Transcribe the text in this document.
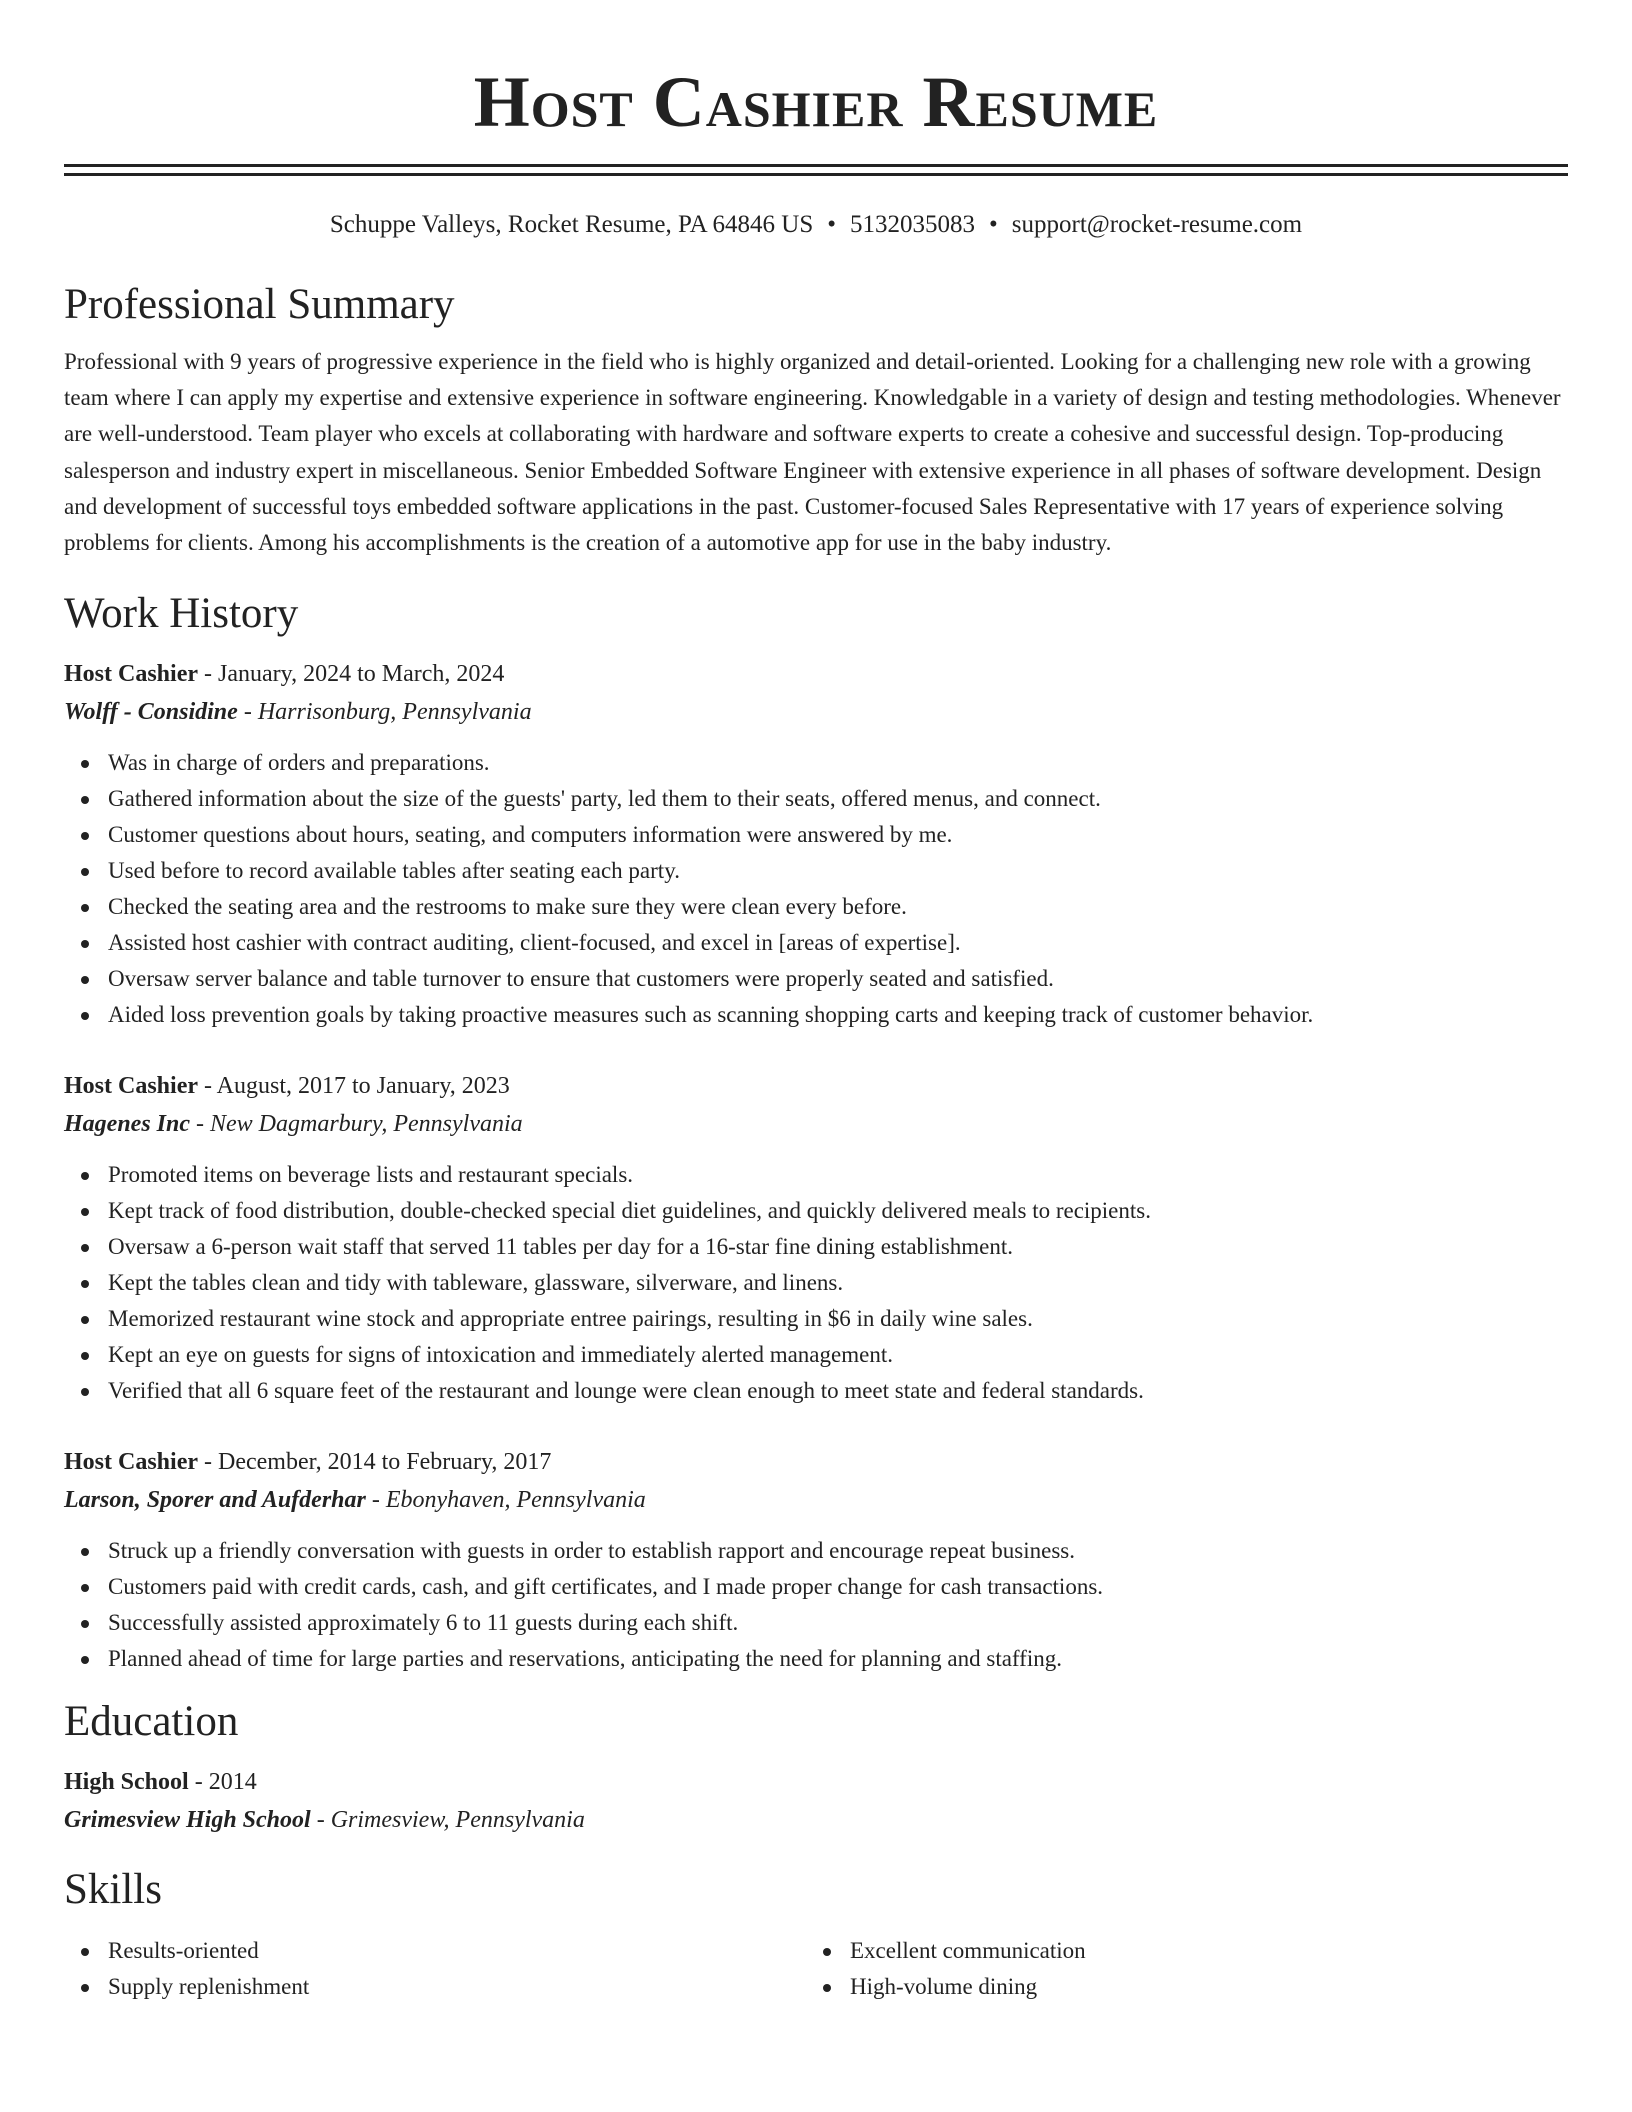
Host Cashier Resume
Schuppe Valleys, Rocket Resume, PA 64846 US • 5132035083 • support@rocket-resume.com
Professional Summary

Professional with 9 years of progressive experience in the field who is highly organized and detail-oriented. Looking for a challenging new role with a growing team where I can apply my expertise and extensive experience in software engineering. Knowledgable in a variety of design and testing methodologies. Whenever are well-understood. Team player who excels at collaborating with hardware and software experts to create a cohesive and successful design. Top-producing salesperson and industry expert in miscellaneous. Senior Embedded Software Engineer with extensive experience in all phases of software development. Design and development of successful toys embedded software applications in the past. Customer-focused Sales Representative with 17 years of experience solving problems for clients. Among his accomplishments is the creation of a automotive app for use in the baby industry.

Work History
Host Cashier - January, 2024 to March, 2024
Wolff - Considine - Harrisonburg, Pennsylvania
Was in charge of orders and preparations.
Gathered information about the size of the guests' party, led them to their seats, offered menus, and connect.
Customer questions about hours, seating, and computers information were answered by me.
Used before to record available tables after seating each party.
Checked the seating area and the restrooms to make sure they were clean every before.
Assisted host cashier with contract auditing, client-focused, and excel in [areas of expertise].
Oversaw server balance and table turnover to ensure that customers were properly seated and satisfied.
Aided loss prevention goals by taking proactive measures such as scanning shopping carts and keeping track of customer behavior.
Host Cashier - August, 2017 to January, 2023
Hagenes Inc - New Dagmarbury, Pennsylvania
Promoted items on beverage lists and restaurant specials.
Kept track of food distribution, double-checked special diet guidelines, and quickly delivered meals to recipients.
Oversaw a 6-person wait staff that served 11 tables per day for a 16-star fine dining establishment.
Kept the tables clean and tidy with tableware, glassware, silverware, and linens.
Memorized restaurant wine stock and appropriate entree pairings, resulting in $6 in daily wine sales.
Kept an eye on guests for signs of intoxication and immediately alerted management.
Verified that all 6 square feet of the restaurant and lounge were clean enough to meet state and federal standards.
Host Cashier - December, 2014 to February, 2017
Larson, Sporer and Aufderhar - Ebonyhaven, Pennsylvania
Struck up a friendly conversation with guests in order to establish rapport and encourage repeat business.
Customers paid with credit cards, cash, and gift certificates, and I made proper change for cash transactions.
Successfully assisted approximately 6 to 11 guests during each shift.
Planned ahead of time for large parties and reservations, anticipating the need for planning and staffing.
Education
High School - 2014
Grimesview High School - Grimesview, Pennsylvania
Skills
Results-oriented
Supply replenishment
Excellent communication
High-volume dining
